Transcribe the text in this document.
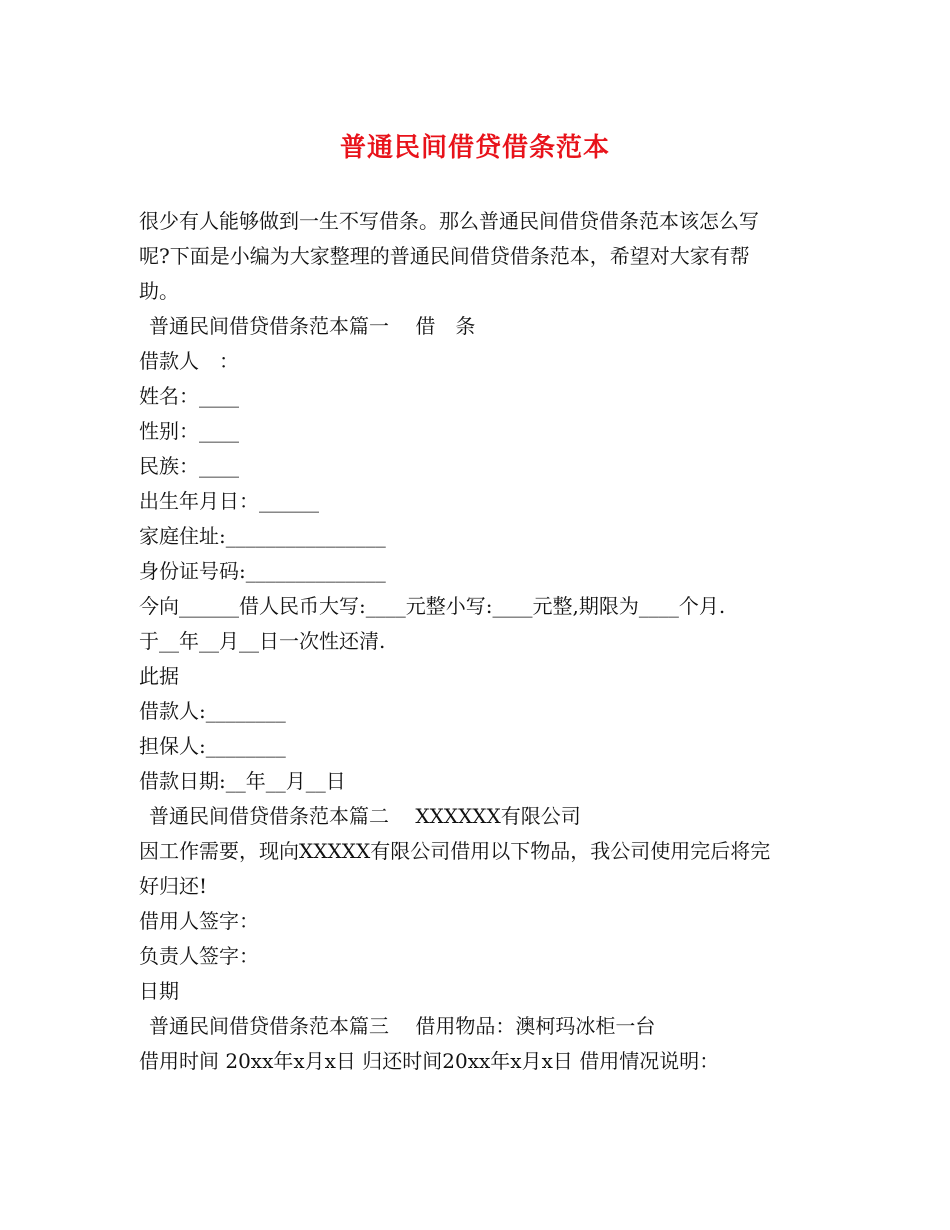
普通民间借贷借条范本
很少有人能够做到一生不写借条。那么普通民间借贷借条范本该怎么写
呢?下面是小编为大家整理的普通民间借贷借条范本，希望对大家有帮
助。
普通民间借贷借条范本篇一　 借　条
借款人　：
姓名：____
性别：____
民族：____
出生年月日：______
家庭住址:________________
身份证号码:______________
今向______借人民币大写:____元整小写:____元整,期限为____个月.
于__年__月__日一次性还清.
此据
借款人:________
担保人:________
借款日期:__年__月__日
普通民间借贷借条范本篇二　 XXXXXX有限公司
因工作需要，现向XXXXX有限公司借用以下物品，我公司使用完后将完
好归还!
借用人签字：
负责人签字：
日期
普通民间借贷借条范本篇三　 借用物品：澳柯玛冰柜一台
借用时间 20xx年x月x日 归还时间20xx年x月x日 借用情况说明：
